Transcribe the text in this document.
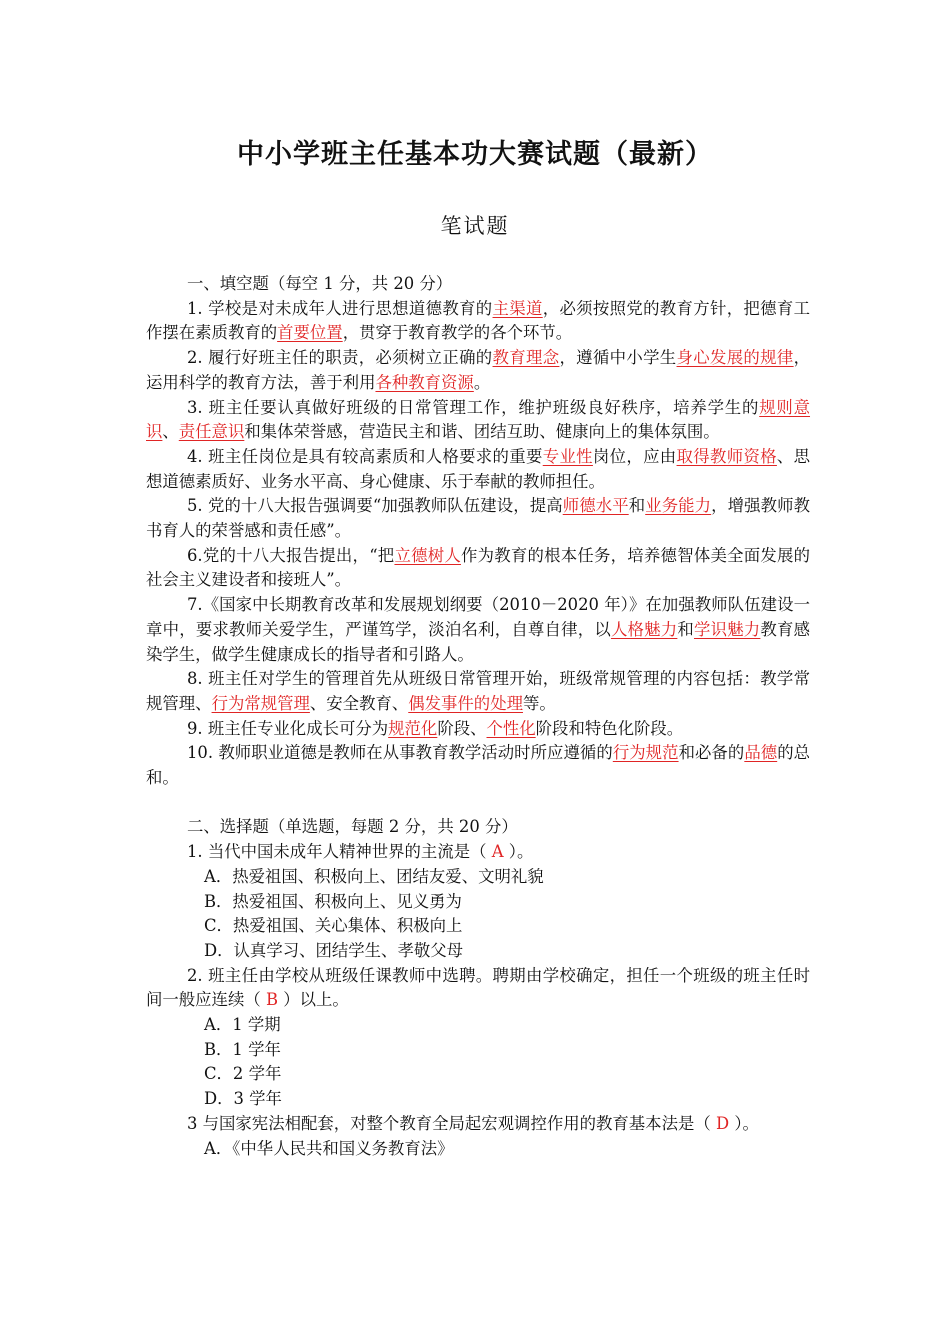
中小学班主任基本功大赛试题（最新）
笔试题

一、填空题（每空 1 分，共 20 分）

1. 学校是对未成年人进行思想道德教育的主渠道，必须按照党的教育方针，把德育工作摆在素质教育的首要位置，贯穿于教育教学的各个环节。

2. 履行好班主任的职责，必须树立正确的教育理念，遵循中小学生身心发展的规律，运用科学的教育方法，善于利用各种教育资源。

3. 班主任要认真做好班级的日常管理工作，维护班级良好秩序，培养学生的规则意识、责任意识和集体荣誉感，营造民主和谐、团结互助、健康向上的集体氛围。

4. 班主任岗位是具有较高素质和人格要求的重要专业性岗位，应由取得教师资格、思想道德素质好、业务水平高、身心健康、乐于奉献的教师担任。

5. 党的十八大报告强调要“加强教师队伍建设，提高师德水平和业务能力，增强教师教书育人的荣誉感和责任感”。

6.党的十八大报告提出，“把立德树人作为教育的根本任务，培养德智体美全面发展的社会主义建设者和接班人”。

7.《国家中长期教育改革和发展规划纲要（2010－2020 年）》在加强教师队伍建设一章中，要求教师关爱学生，严谨笃学，淡泊名利，自尊自律，以人格魅力和学识魅力教育感染学生，做学生健康成长的指导者和引路人。

8. 班主任对学生的管理首先从班级日常管理开始，班级常规管理的内容包括：教学常规管理、行为常规管理、安全教育、偶发事件的处理等。

9. 班主任专业化成长可分为规范化阶段、个性化阶段和特色化阶段。

10. 教师职业道德是教师在从事教育教学活动时所应遵循的行为规范和必备的品德的总和。

二、选择题（单选题，每题 2 分，共 20 分）

1. 当代中国未成年人精神世界的主流是（ A ）。

A．热爱祖国、积极向上、团结友爱、文明礼貌

B．热爱祖国、积极向上、见义勇为

C．热爱祖国、关心集体、积极向上

D．认真学习、团结学生、孝敬父母

2. 班主任由学校从班级任课教师中选聘。聘期由学校确定，担任一个班级的班主任时间一般应连续（ B ）以上。

A．1 学期

B．1 学年

C．2 学年

D．3 学年

3 与国家宪法相配套，对整个教育全局起宏观调控作用的教育基本法是（ D ）。

A．《中华人民共和国义务教育法》
